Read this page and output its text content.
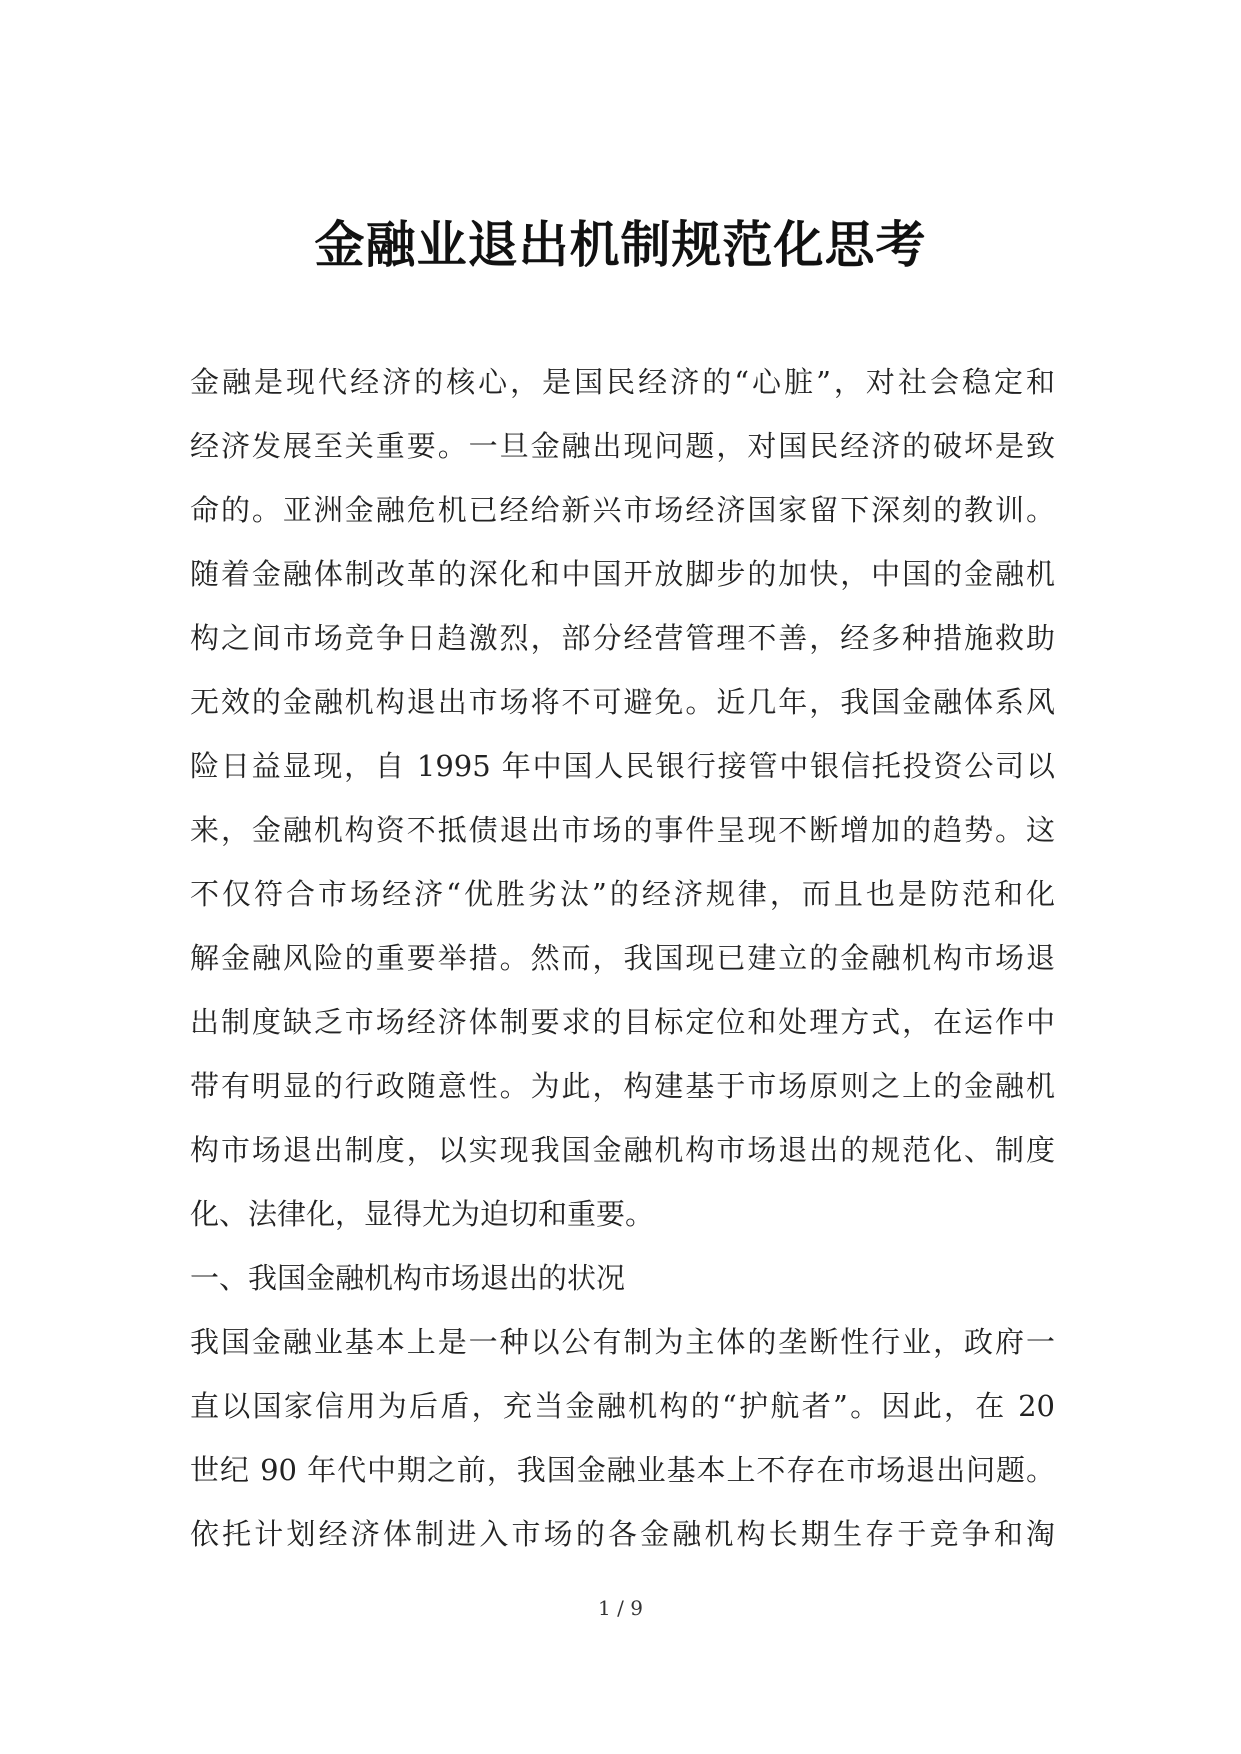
金融业退出机制规范化思考
金融是现代经济的核心，是国民经济的“心脏”，对社会稳定和
经济发展至关重要。一旦金融出现问题，对国民经济的破坏是致
命的。亚洲金融危机已经给新兴市场经济国家留下深刻的教训。
随着金融体制改革的深化和中国开放脚步的加快，中国的金融机
构之间市场竞争日趋激烈，部分经营管理不善，经多种措施救助
无效的金融机构退出市场将不可避免。近几年，我国金融体系风
险日益显现，自 1995 年中国人民银行接管中银信托投资公司以
来，金融机构资不抵债退出市场的事件呈现不断增加的趋势。这
不仅符合市场经济“优胜劣汰”的经济规律，而且也是防范和化
解金融风险的重要举措。然而，我国现已建立的金融机构市场退
出制度缺乏市场经济体制要求的目标定位和处理方式，在运作中
带有明显的行政随意性。为此，构建基于市场原则之上的金融机
构市场退出制度，以实现我国金融机构市场退出的规范化、制度
化、法律化，显得尤为迫切和重要。
一、我国金融机构市场退出的状况
我国金融业基本上是一种以公有制为主体的垄断性行业，政府一
直以国家信用为后盾，充当金融机构的“护航者”。因此，在 20
世纪 90 年代中期之前，我国金融业基本上不存在市场退出问题。
依托计划经济体制进入市场的各金融机构长期生存于竞争和淘
1 / 9
